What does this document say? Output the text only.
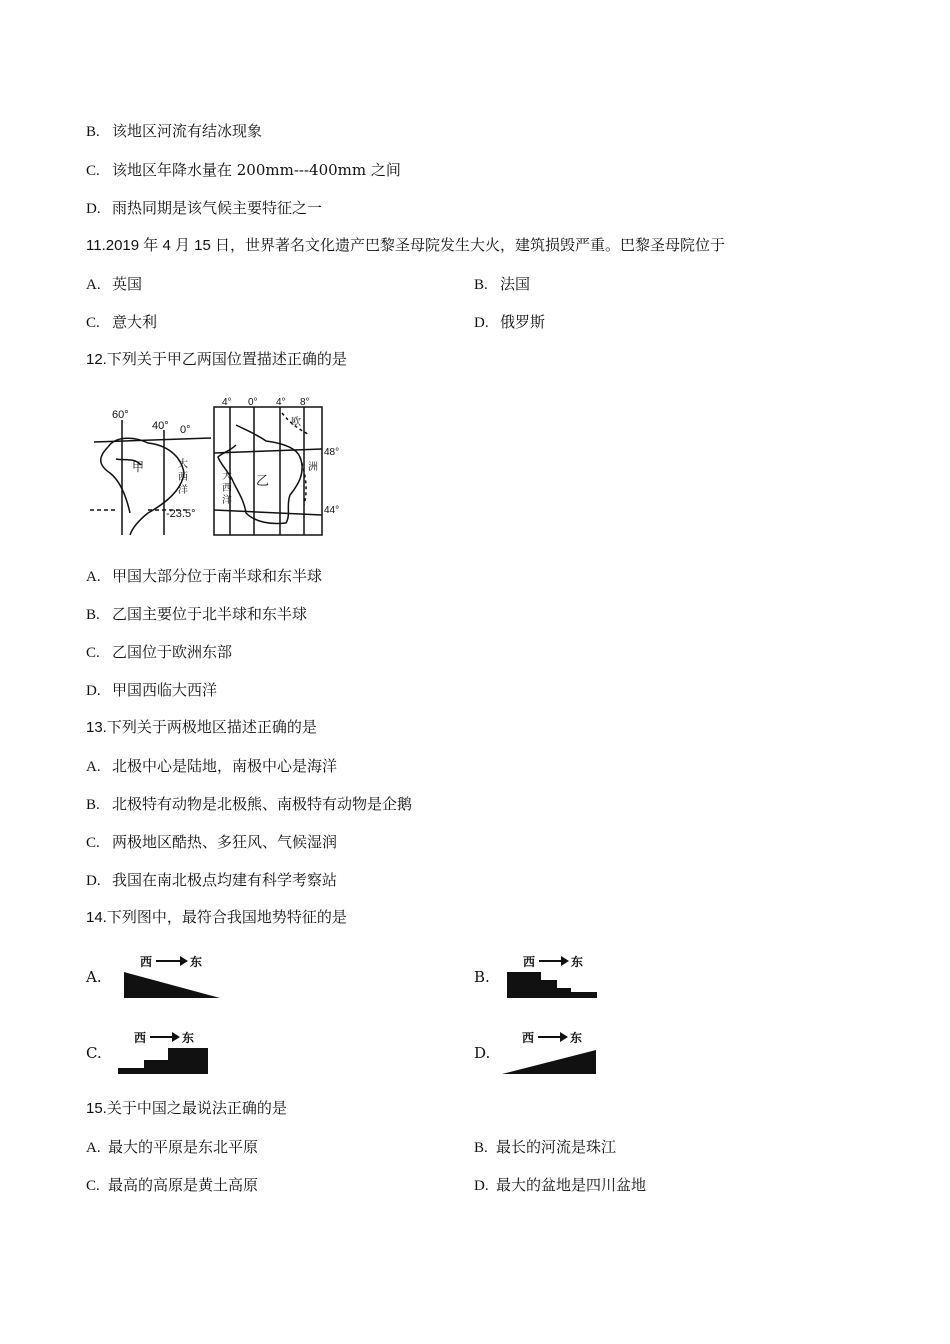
B. 该地区河流有结冰现象
C. 该地区年降水量在 200mm---400mm 之间
D. 雨热同期是该气候主要特征之一
11.2019 年 4 月 15 日，世界著名文化遗产巴黎圣母院发生大火，建筑损毁严重。巴黎圣母院位于
A. 英国	B. 法国
C. 意大利	D. 俄罗斯
12.下列关于甲乙两国位置描述正确的是
60°
40° 0°
甲	大
西
洋
-23.5°
4° 0° 4° 8°
欧
洲
48°
44°
大
西
洋
乙
A. 甲国大部分位于南半球和东半球
B. 乙国主要位于北半球和东半球
C. 乙国位于欧洲东部
D. 甲国西临大西洋
13.下列关于两极地区描述正确的是
A. 北极中心是陆地，南极中心是海洋
B. 北极特有动物是北极熊、南极特有动物是企鹅
C. 两极地区酷热、多狂风、气候湿润
D. 我国在南北极点均建有科学考察站
14.下列图中，最符合我国地势特征的是
A.
西	东
B.
西	东
C.
西	东
D.
西	东
15.关于中国之最说法正确的是
A. 最大的平原是东北平原	B. 最长的河流是珠江
C. 最高的高原是黄土高原	D. 最大的盆地是四川盆地
